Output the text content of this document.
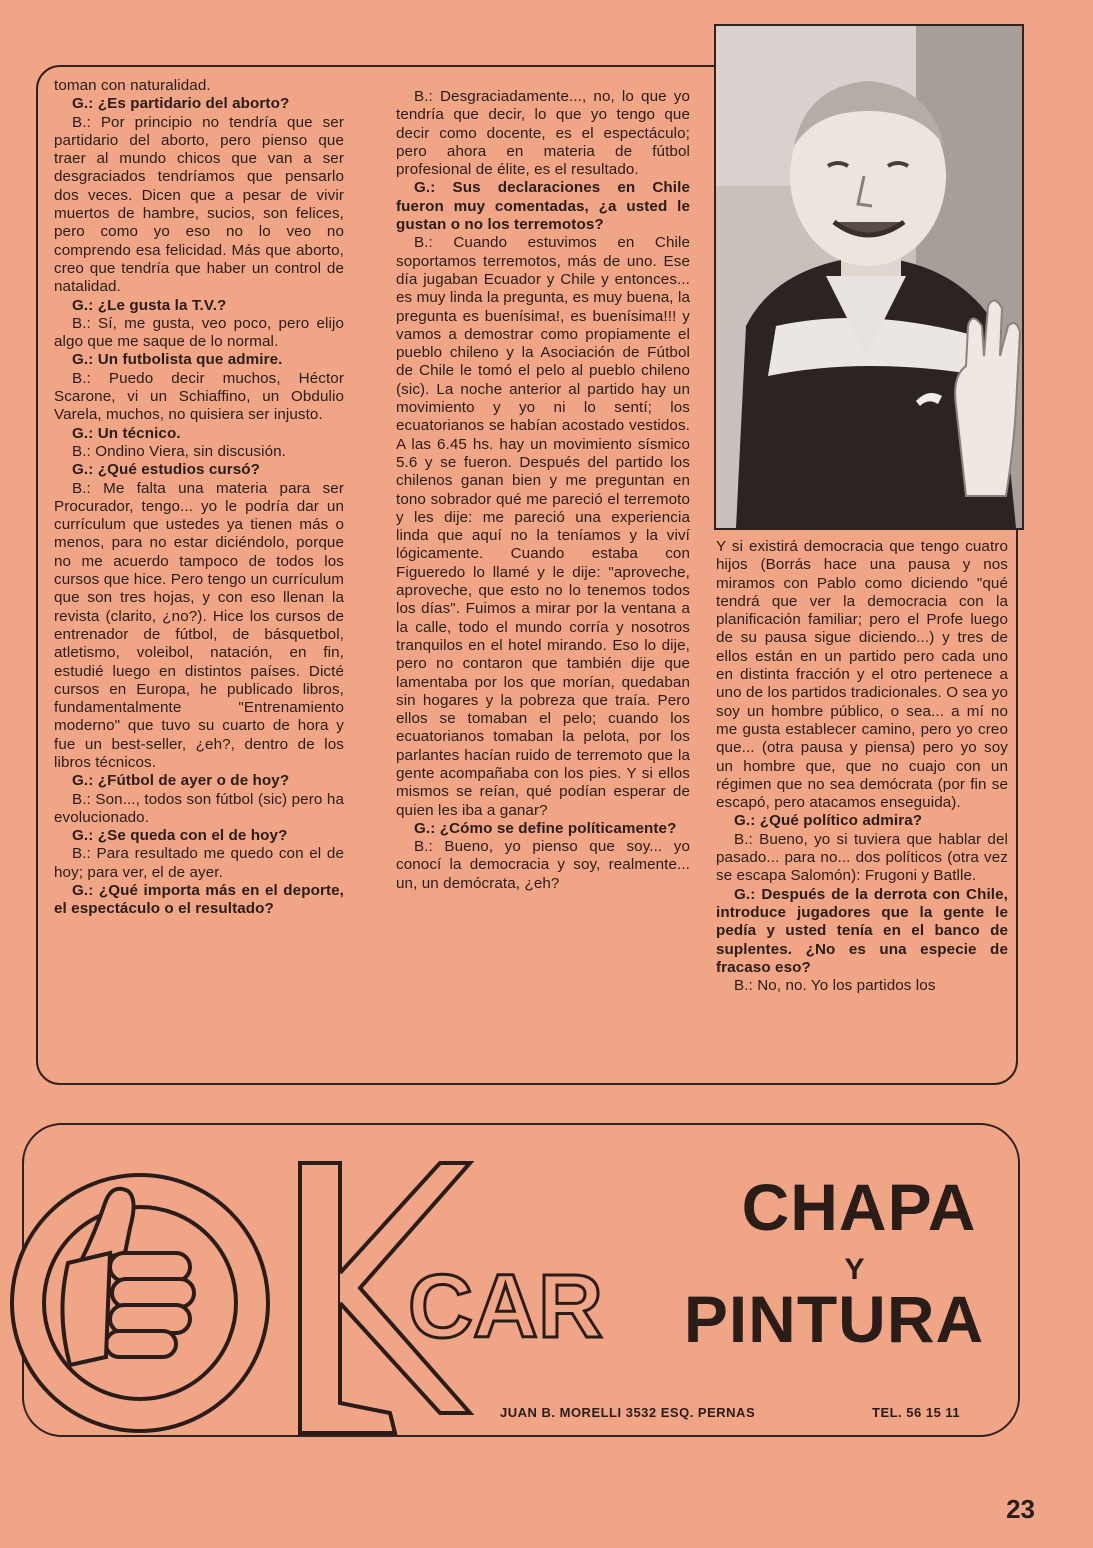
toman con naturalidad.

G.: ¿Es partidario del aborto?

B.: Por principio no tendría que ser partidario del aborto, pero pienso que traer al mundo chicos que van a ser desgraciados tendríamos que pensarlo dos veces. Dicen que a pesar de vivir muertos de hambre, sucios, son felices, pero como yo eso no lo veo no comprendo esa felicidad. Más que aborto, creo que tendría que haber un control de natalidad.

G.: ¿Le gusta la T.V.?

B.: Sí, me gusta, veo poco, pero elijo algo que me saque de lo normal.

G.: Un futbolista que admire.

B.: Puedo decir muchos, Héctor Scarone, vi un Schiaffino, un Obdulio Varela, muchos, no quisiera ser injusto.

G.: Un técnico.

B.: Ondino Viera, sin discusión.

G.: ¿Qué estudios cursó?

B.: Me falta una materia para ser Procurador, tengo... yo le podría dar un currículum que ustedes ya tienen más o menos, para no estar diciéndolo, porque no me acuerdo tampoco de todos los cursos que hice. Pero tengo un currículum que son tres hojas, y con eso llenan la revista (clarito, ¿no?). Hice los cursos de entrenador de fútbol, de básquetbol, atletismo, voleibol, natación, en fin, estudié luego en distintos países. Dicté cursos en Europa, he publicado libros, fundamentalmente "Entrenamiento moderno" que tuvo su cuarto de hora y fue un best-seller, ¿eh?, dentro de los libros técnicos.

G.: ¿Fútbol de ayer o de hoy?

B.: Son..., todos son fútbol (sic) pero ha evolucionado.

G.: ¿Se queda con el de hoy?

B.: Para resultado me quedo con el de hoy; para ver, el de ayer.

G.: ¿Qué importa más en el deporte, el espectáculo o el resultado?

B.: Desgraciadamente..., no, lo que yo tendría que decir, lo que yo tengo que decir como docente, es el espectáculo; pero ahora en materia de fútbol profesional de élite, es el resultado.

G.: Sus declaraciones en Chile fueron muy comentadas, ¿a usted le gustan o no los terremotos?

B.: Cuando estuvimos en Chile soportamos terremotos, más de uno. Ese día jugaban Ecuador y Chile y entonces... es muy linda la pregunta, es muy buena, la pregunta es buenísima!, es buenísima!!! y vamos a demostrar como propiamente el pueblo chileno y la Asociación de Fútbol de Chile le tomó el pelo al pueblo chileno (sic). La noche anterior al partido hay un movimiento y yo ni lo sentí; los ecuatorianos se habían acostado vestidos. A las 6.45 hs. hay un movimiento sísmico 5.6 y se fueron. Después del partido los chilenos ganan bien y me preguntan en tono sobrador qué me pareció el terremoto y les dije: me pareció una experiencia linda que aquí no la teníamos y la viví lógicamente. Cuando estaba con Figueredo lo llamé y le dije: "aproveche, aproveche, que esto no lo tenemos todos los días". Fuimos a mirar por la ventana a la calle, todo el mundo corría y nosotros tranquilos en el hotel mirando. Eso lo dije, pero no contaron que también dije que lamentaba por los que morían, quedaban sin hogares y la pobreza que traía. Pero ellos se tomaban el pelo; cuando los ecuatorianos tomaban la pelota, por los parlantes hacían ruido de terremoto que la gente acompañaba con los pies. Y si ellos mismos se reían, qué podían esperar de quien les iba a ganar?

G.: ¿Cómo se define políticamente?

B.: Bueno, yo pienso que soy... yo conocí la democracia y soy, realmente... un, un demócrata, ¿eh?

Y si existirá democracia que tengo cuatro hijos (Borrás hace una pausa y nos miramos con Pablo como diciendo "qué tendrá que ver la democracia con la planificación familiar; pero el Profe luego de su pausa sigue diciendo...) y tres de ellos están en un partido pero cada uno en distinta fracción y el otro pertenece a uno de los partidos tradicionales. O sea yo soy un hombre público, o sea... a mí no me gusta establecer camino, pero yo creo que... (otra pausa y piensa) pero yo soy un hombre que, que no cuajo con un régimen que no sea demócrata (por fin se escapó, pero atacamos enseguida).

G.: ¿Qué político admira?

B.: Bueno, yo si tuviera que hablar del pasado... para no... dos políticos (otra vez se escapa Salomón): Frugoni y Batlle.

G.: Después de la derrota con Chile, introduce jugadores que la gente le pedía y usted tenía en el banco de suplentes. ¿No es una especie de fracaso eso?

B.: No, no. Yo los partidos los

CAR
CHAPA
Y
PINTURA
JUAN B. MORELLI 3532 ESQ. PERNAS	TEL. 56 15 11
23
